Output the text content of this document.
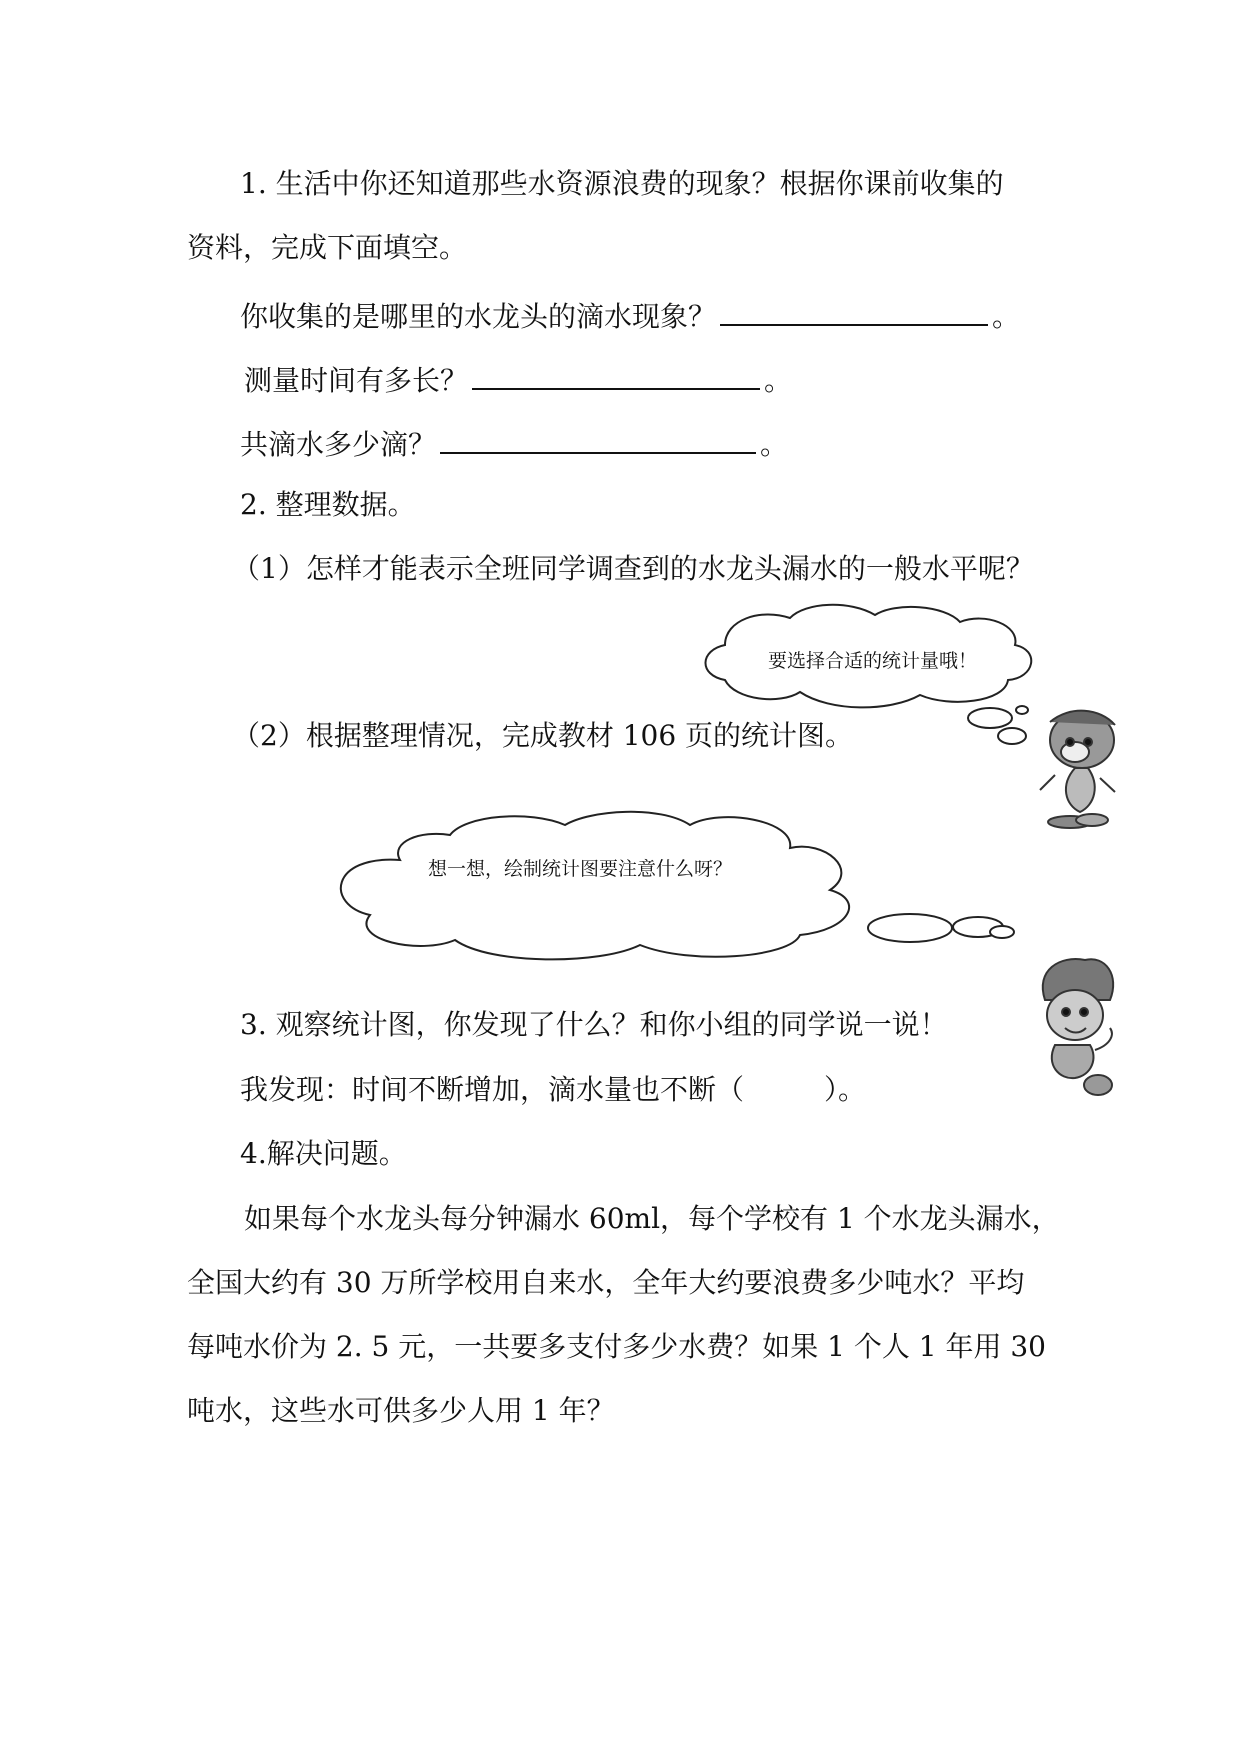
1. 生活中你还知道那些水资源浪费的现象？根据你课前收集的
资料，完成下面填空。
你收集的是哪里的水龙头的滴水现象？	。
测量时间有多长？	。
共滴水多少滴？	。
2. 整理数据。
（1）怎样才能表示全班同学调查到的水龙头漏水的一般水平呢？
（2）根据整理情况，完成教材 106 页的统计图。
要选择合适的统计量哦！
想一想，绘制统计图要注意什么呀？
3. 观察统计图，你发现了什么？和你小组的同学说一说！
我发现：时间不断增加，滴水量也不断（	）。
4.解决问题。
如果每个水龙头每分钟漏水 60ml，每个学校有 1 个水龙头漏水，
全国大约有 30 万所学校用自来水，全年大约要浪费多少吨水？平均
每吨水价为 2. 5 元，一共要多支付多少水费？如果 1 个人 1 年用 30
吨水，这些水可供多少人用 1 年？
